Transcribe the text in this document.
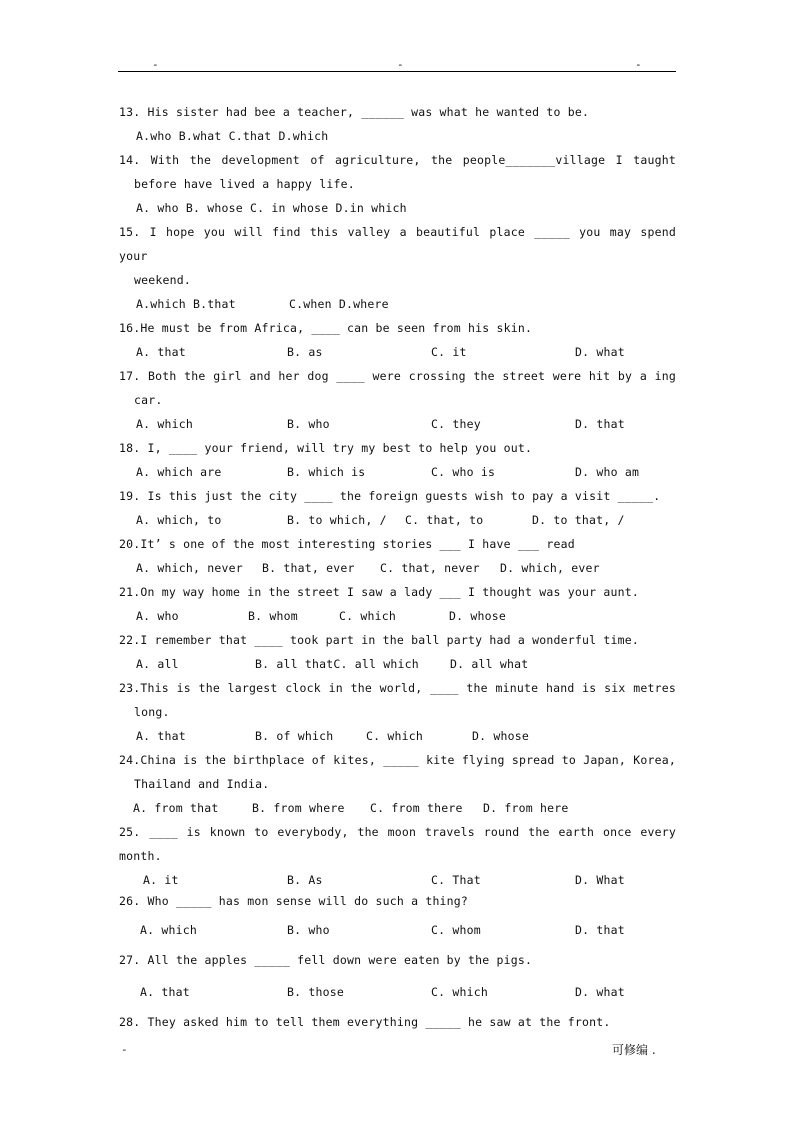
-	-	-
13. His sister had bee a teacher, ______ was what he wanted to be.
A.who B.what C.that D.which
14. With the development of agriculture, the people_______village I taught
before have lived a happy life.
A. who B. whose C. in whose D.in which
15. I hope you will find this valley a beautiful place _____ you may spend your
weekend.
A.which B.that	C.when D.where
16.He must be from Africa, ____ can be seen from his skin.
A. that	B. as	C. it	D. what
17. Both the girl and her dog ____ were crossing the street were hit by a ing
car.
A. which	B. who	C. they	D. that
18. I, ____ your friend, will try my best to help you out.
A. which are	B. which is	C. who is	D. who am
19. Is this just the city ____ the foreign guests wish to pay a visit _____.
A. which, to	B. to which, / C. that, to	D. to that, /
20.It’ s one of the most interesting stories ___ I have ___ read
A. which, never B. that, ever C. that, never D. which, ever
21.On my way home in the street I saw a lady ___ I thought was your aunt.
A. who	B. whom	C. which	D. whose
22.I remember that ____ took part in the ball party had a wonderful time.
A. all	B. all thatC. all which	D. all what
23.This is the largest clock in the world, ____ the minute hand is six metres
long.
A. that	B. of which	C. which	D. whose
24.China is the birthplace of kites, _____ kite flying spread to Japan, Korea,
Thailand and India.
A. from that	B. from where C. from there D. from here
25. ____ is known to everybody, the moon travels round the earth once every
month.
A. it	B. As	C. That	D. What
26. Who _____ has mon sense will do such a thing?
A. which	B. who	C. whom	D. that
27. All the apples _____ fell down were eaten by the pigs.
A. that	B. those	C. which	D. what
28. They asked him to tell them everything _____ he saw at the front.
-	可修编 .
